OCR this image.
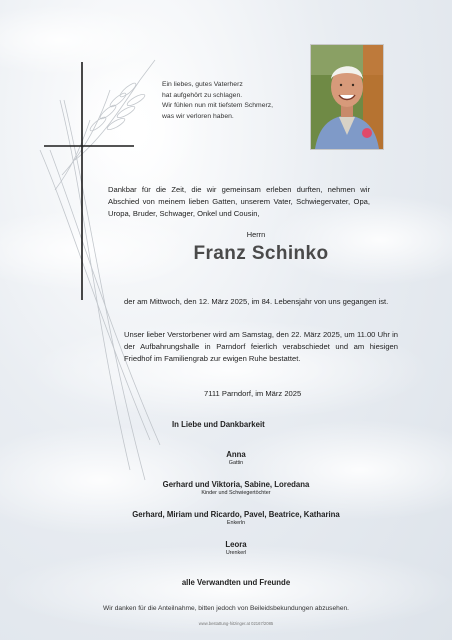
Ein liebes, gutes Vaterherz
hat aufgehört zu schlagen.
Wir fühlen nun mit tiefstem Schmerz,
was wir verloren haben.
Dankbar für die Zeit, die wir gemeinsam erleben durften, nehmen wir Abschied von meinem lieben Gatten, unserem Vater, Schwiegervater, Opa, Uropa, Bruder, Schwager, Onkel und Cousin,
Herrn
Franz Schinko
der am Mittwoch, den 12. März 2025, im 84. Lebensjahr von uns gegangen ist.
Unser lieber Verstorbener wird am Samstag, den 22. März 2025, um 11.00 Uhr in der Aufbahrungshalle in Parndorf feierlich verabschiedet und am hiesigen Friedhof im Familiengrab zur ewigen Ruhe bestattet.
7111 Parndorf, im März 2025
In Liebe und Dankbarkeit
Anna
Gattin
Gerhard und Viktoria, Sabine, Loredana
Kinder und Schwiegertöchter
Gerhard, Miriam und Ricardo, Pavel, Beatrice, Katharina
Enkerln
Leora
Urenkerl
alle Verwandten und Freunde
Wir danken für die Anteilnahme, bitten jedoch von Beileidsbekundungen abzusehen.
www.bestattung-hitzinger.at 02167/2085
